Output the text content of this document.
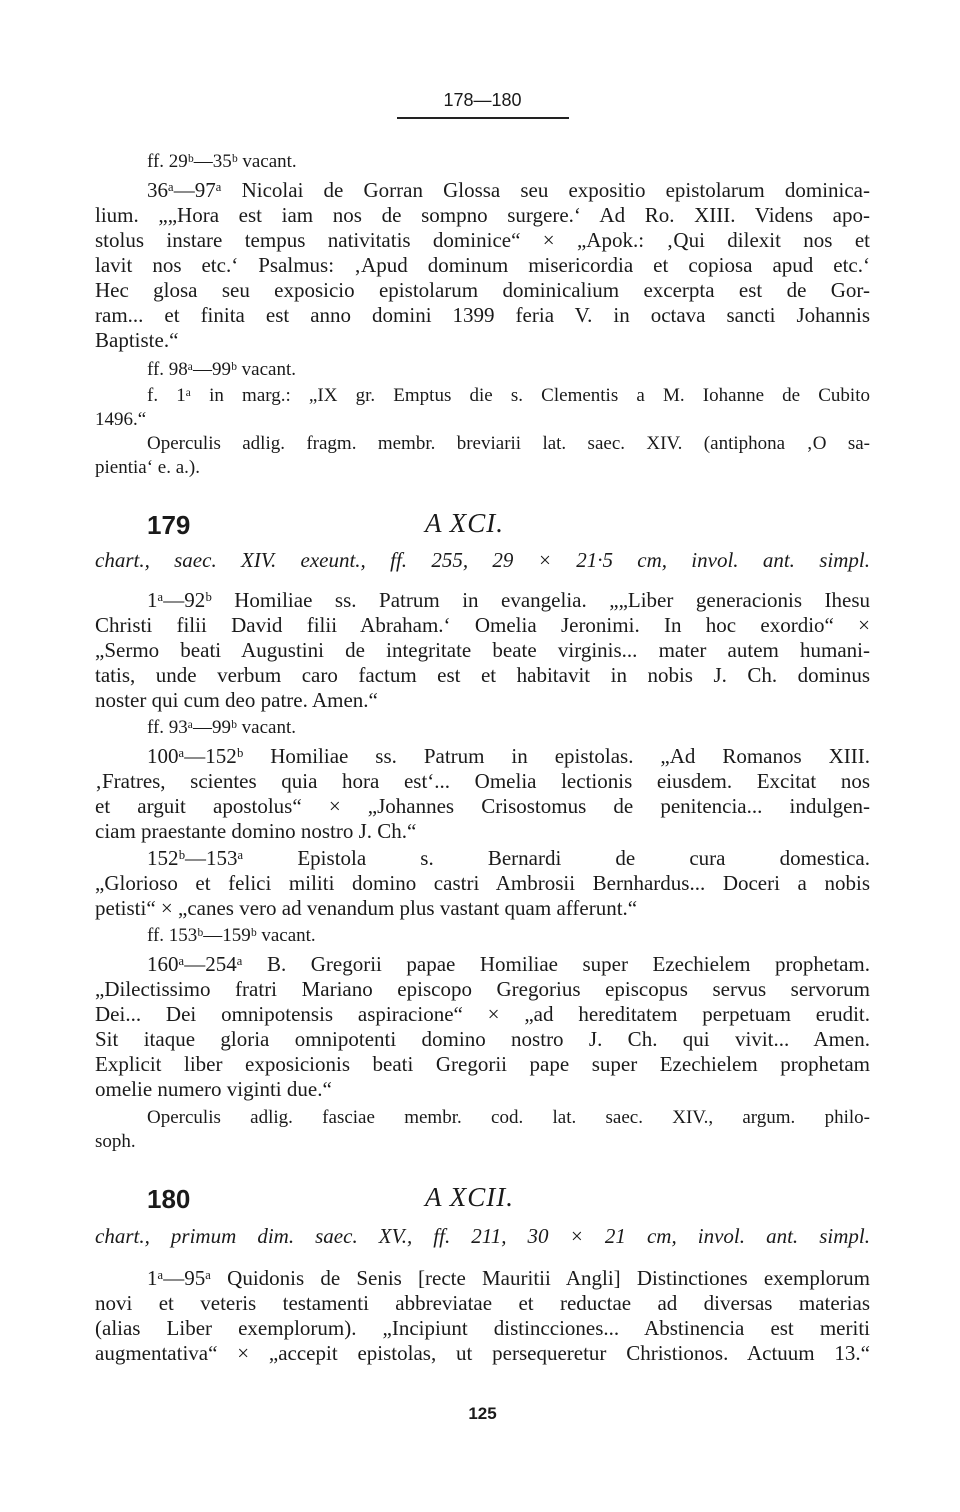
178—180
ff. 29ᵇ—35ᵇ vacant.
36ᵃ—97ᵃ Nicolai de Gorran Glossa seu expositio epistolarum dominica-
lium. „„Hora est iam nos de sompno surgere.‘ Ad Ro. XIII. Videns apo-
stolus instare tempus nativitatis dominice“ × „Apok.: ‚Qui dilexit nos et
lavit nos etc.‘ Psalmus: ‚Apud dominum misericordia et copiosa apud etc.‘
Hec glosa seu exposicio epistolarum dominicalium excerpta est de Gor-
ram... et finita est anno domini 1399 feria V. in octava sancti Johannis
Baptiste.“
ff. 98ᵃ—99ᵇ vacant.
f. 1ᵃ in marg.: „IX gr. Emptus die s. Clementis a M. Iohanne de Cubito
1496.“
Operculis adlig. fragm. membr. breviarii lat. saec. XIV. (antiphona ‚O sa-
pientia‘ e. a.).
179	A XCI.
chart., saec. XIV. exeunt., ff. 255, 29 × 21·5 cm, invol. ant. simpl.
1ᵃ—92ᵇ Homiliae ss. Patrum in evangelia. „„Liber generacionis Ihesu
Christi filii David filii Abraham.‘ Omelia Jeronimi. In hoc exordio“ ×
„Sermo beati Augustini de integritate beate virginis... mater autem humani-
tatis, unde verbum caro factum est et habitavit in nobis J. Ch. dominus
noster qui cum deo patre. Amen.“
ff. 93ᵃ—99ᵇ vacant.
100ᵃ—152ᵇ Homiliae ss. Patrum in epistolas. „Ad Romanos XIII.
‚Fratres, scientes quia hora est‘... Omelia lectionis eiusdem. Excitat nos
et arguit apostolus“ × „Johannes Crisostomus de penitencia... indulgen-
ciam praestante domino nostro J. Ch.“
152ᵇ—153ᵃ Epistola s. Bernardi de cura domestica.
„Glorioso et felici militi domino castri Ambrosii Bernhardus... Doceri a nobis
petisti“ × „canes vero ad venandum plus vastant quam afferunt.“
ff. 153ᵇ—159ᵇ vacant.
160ᵃ—254ᵃ B. Gregorii papae Homiliae super Ezechielem prophetam.
„Dilectissimo fratri Mariano episcopo Gregorius episcopus servus servorum
Dei... Dei omnipotensis aspiracione“ × „ad hereditatem perpetuam erudit.
Sit itaque gloria omnipotenti domino nostro J. Ch. qui vivit... Amen.
Explicit liber exposicionis beati Gregorii pape super Ezechielem prophetam
omelie numero viginti due.“
Operculis adlig. fasciae membr. cod. lat. saec. XIV., argum. philo-
soph.
180	A XCII.
chart., primum dim. saec. XV., ff. 211, 30 × 21 cm, invol. ant. simpl.
1ᵃ—95ᵃ Quidonis de Senis [recte Mauritii Angli] Distinctiones exemplorum
novi et veteris testamenti abbreviatae et reductae ad diversas materias
(alias Liber exemplorum). „Incipiunt distincciones... Abstinencia est meriti
augmentativa“ × „accepit epistolas, ut persequeretur Christionos. Actuum 13.“
125
